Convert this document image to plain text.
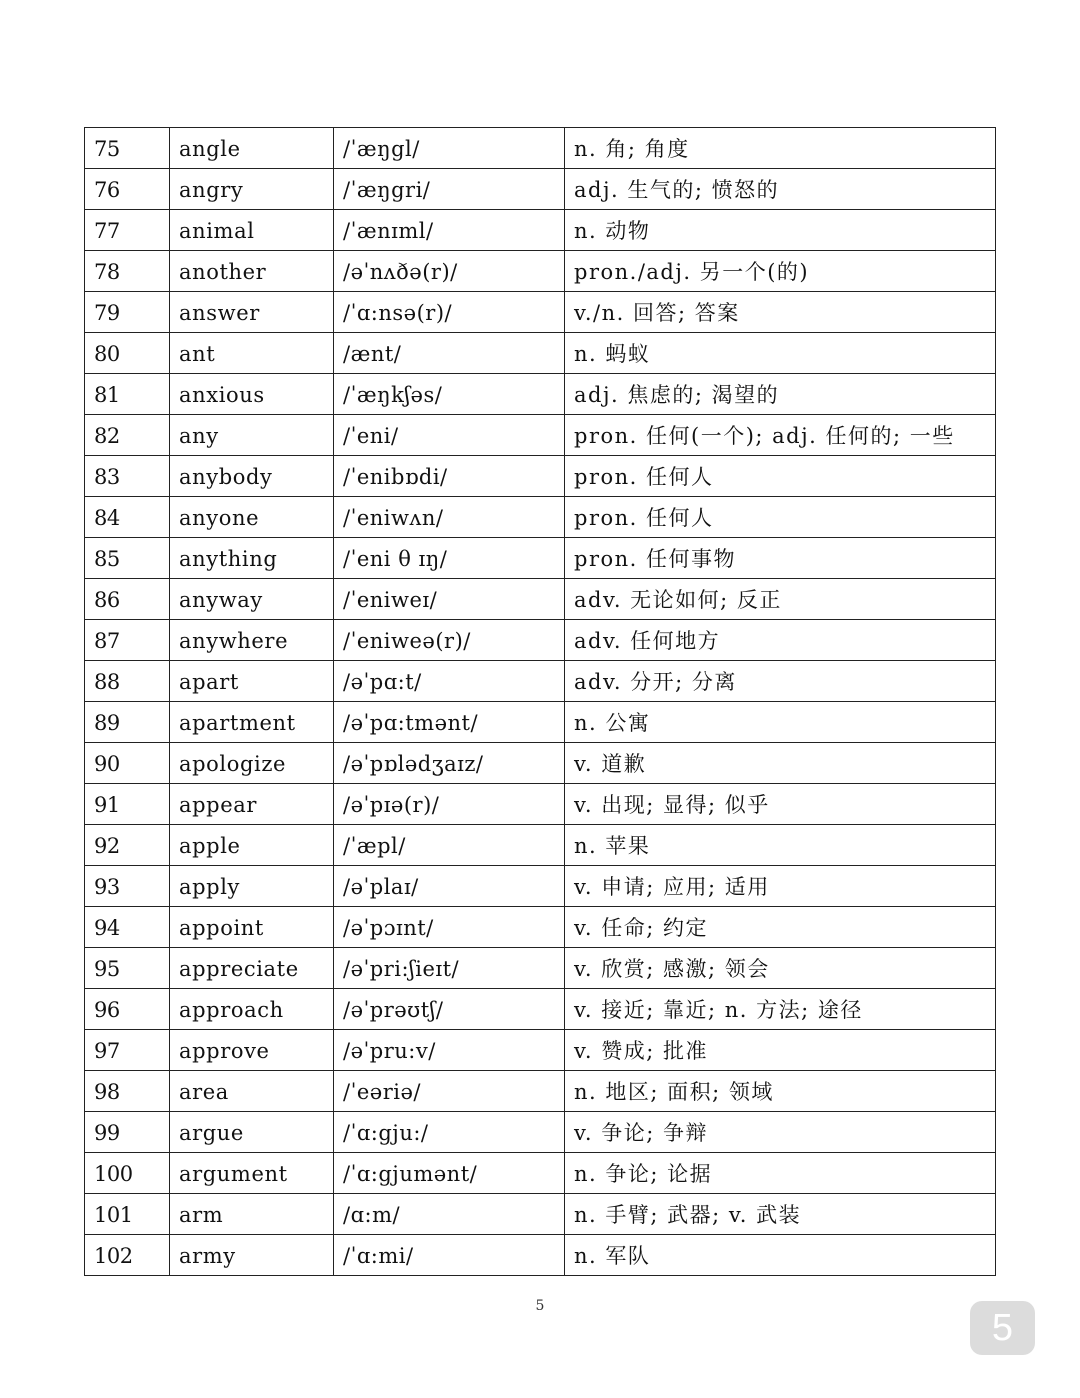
75	angle	/ˈæŋgl/	n. 角; 角度
76	angry	/ˈæŋgri/	adj. 生气的; 愤怒的
77	animal	/ˈænɪml/	n. 动物
78	another	/əˈnʌðə(r)/	pron./adj. 另一个(的)
79	answer	/ˈɑ:nsə(r)/	v./n. 回答; 答案
80	ant	/ænt/	n. 蚂蚁
81	anxious	/ˈæŋkʃəs/	adj. 焦虑的; 渴望的
82	any	/ˈeni/	pron. 任何(一个); adj. 任何的; 一些
83	anybody	/ˈenibɒdi/	pron. 任何人
84	anyone	/ˈeniwʌn/	pron. 任何人
85	anything	/ˈeni θ ɪŋ/	pron. 任何事物
86	anyway	/ˈeniweɪ/	adv. 无论如何; 反正
87	anywhere	/ˈeniweə(r)/	adv. 任何地方
88	apart	/əˈpɑ:t/	adv. 分开; 分离
89	apartment	/əˈpɑ:tmənt/	n. 公寓
90	apologize	/əˈpɒlədʒaɪz/	v. 道歉
91	appear	/əˈpɪə(r)/	v. 出现; 显得; 似乎
92	apple	/ˈæpl/	n. 苹果
93	apply	/əˈplaɪ/	v. 申请; 应用; 适用
94	appoint	/əˈpɔɪnt/	v. 任命; 约定
95	appreciate	/əˈpri:ʃieɪt/	v. 欣赏; 感激; 领会
96	approach	/əˈprəʊtʃ/	v. 接近; 靠近; n. 方法; 途径
97	approve	/əˈpru:v/	v. 赞成; 批准
98	area	/ˈeəriə/	n. 地区; 面积; 领域
99	argue	/ˈɑ:gju:/	v. 争论; 争辩
100	argument	/ˈɑ:gjumənt/	n. 争论; 论据
101	arm	/ɑ:m/	n. 手臂; 武器; v. 武装
102	army	/ˈɑ:mi/	n. 军队
5
5
